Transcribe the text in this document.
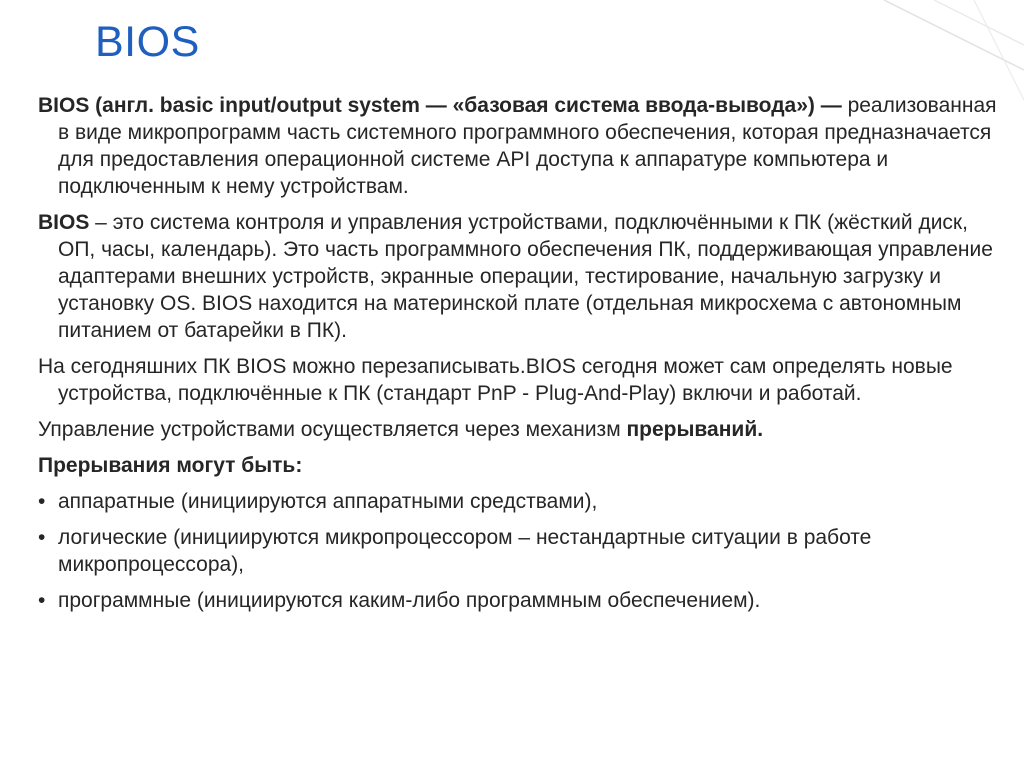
BIOS

BIOS (англ. basic input/output system — «базовая система ввода-вывода») — реализованная в виде микропрограмм часть системного программного обеспечения, которая предназначается для предоставления операционной системе API доступа к аппаратуре компьютера и подключенным к нему устройствам.

BIOS – это система контроля и управления устройствами, подключёнными к ПК (жёсткий диск, ОП, часы, календарь). Это часть программного обеспечения ПК, поддерживающая управление адаптерами внешних устройств, экранные операции, тестирование, начальную загрузку и установку OS. BIOS находится на материнской плате (отдельная микросхема с автономным питанием от батарейки в ПК).

На сегодняшних ПК BIOS можно перезаписывать.BIOS сегодня может сам определять новые устройства, подключённые к ПК (стандарт PnP - Plug-And-Play) включи и работай.

Управление устройствами осуществляется через механизм прерываний.

Прерывания могут быть:

• аппаратные (инициируются аппаратными средствами),

• логические (инициируются микропроцессором – нестандартные ситуации в работе микропроцессора),

• программные (инициируются каким-либо программным обеспечением).
